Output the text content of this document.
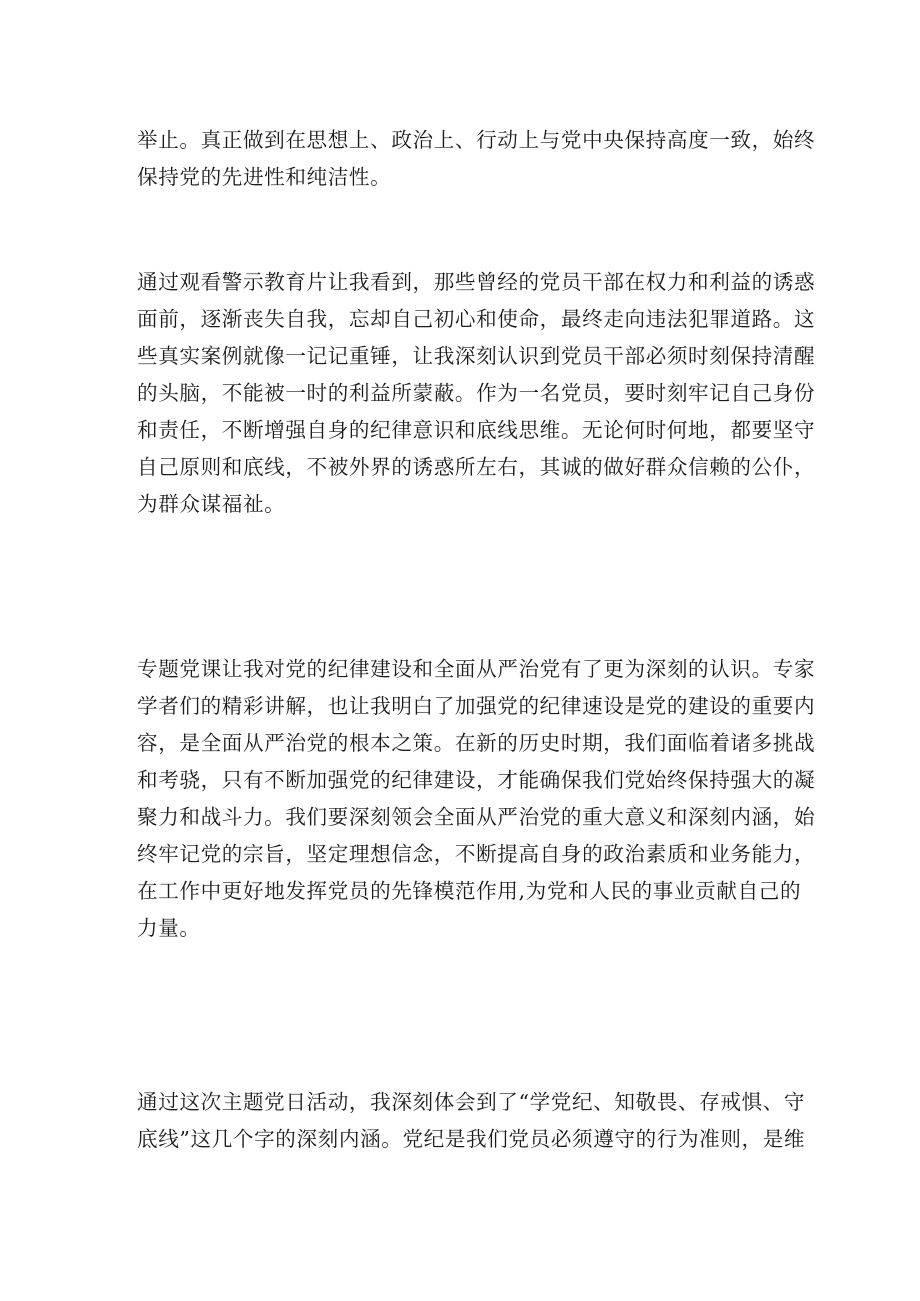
举止。真正做到在思想上、政治上、行动上与党中央保持高度一致，始终
保持党的先进性和纯洁性。
通过观看警示教育片让我看到，那些曾经的党员干部在权力和利益的诱惑
面前，逐渐丧失自我，忘却自己初心和使命，最终走向违法犯罪道路。这
些真实案例就像一记记重锤，让我深刻认识到党员干部必须时刻保持清醒
的头脑，不能被一时的利益所蒙蔽。作为一名党员，要时刻牢记自己身份
和责任，不断增强自身的纪律意识和底线思维。无论何时何地，都要坚守
自己原则和底线，不被外界的诱惑所左右，其诚的做好群众信赖的公仆，
为群众谋福祉。
专题党课让我对党的纪律建设和全面从严治党有了更为深刻的认识。专家
学者们的精彩讲解，也让我明白了加强党的纪律速设是党的建设的重要内
容，是全面从严治党的根本之策。在新的历史时期，我们面临着诸多挑战
和考骁，只有不断加强党的纪律建设，才能确保我们党始终保持强大的凝
聚力和战斗力。我们要深刻领会全面从严治党的重大意义和深刻内涵，始
终牢记党的宗旨，坚定理想信念，不断提高自身的政治素质和业务能力，
在工作中更好地发挥党员的先锋模范作用,为党和人民的事业贡献自己的
力量。
通过这次主题党日活动，我深刻体会到了“学党纪、知敬畏、存戒惧、守
底线”这几个字的深刻内涵。党纪是我们党员必须遵守的行为准则，是维
